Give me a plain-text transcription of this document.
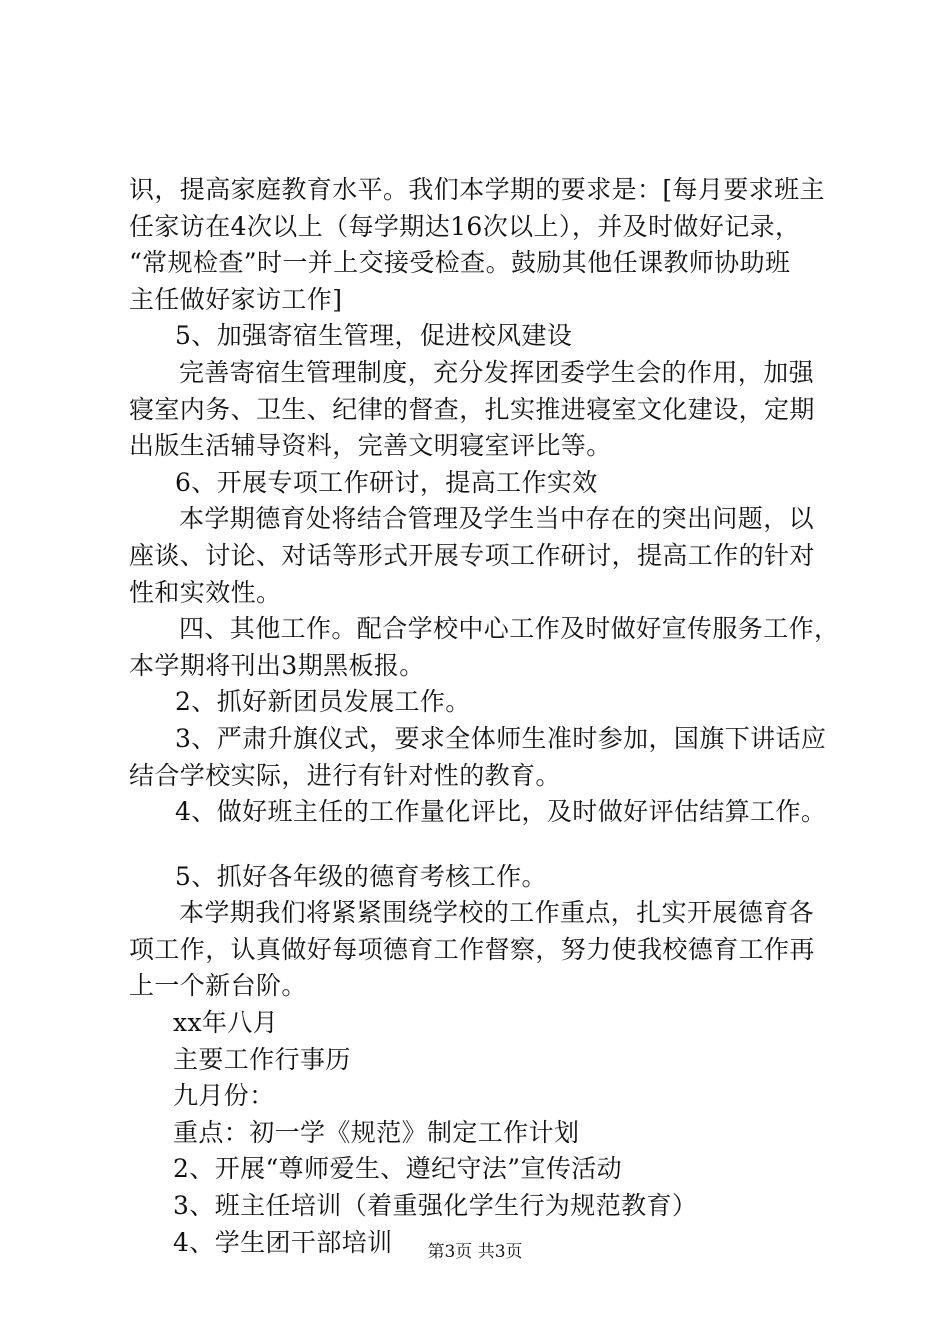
识，提高家庭教育水平。我们本学期的要求是：[每月要求班主
任家访在4次以上（每学期达16次以上），并及时做好记录，
“常规检查”时一并上交接受检查。鼓励其他任课教师协助班
主任做好家访工作]
5、加强寄宿生管理，促进校风建设
完善寄宿生管理制度，充分发挥团委学生会的作用，加强
寝室内务、卫生、纪律的督查，扎实推进寝室文化建设，定期
出版生活辅导资料，完善文明寝室评比等。
6、开展专项工作研讨，提高工作实效
本学期德育处将结合管理及学生当中存在的突出问题，以
座谈、讨论、对话等形式开展专项工作研讨，提高工作的针对
性和实效性。
四、其他工作。配合学校中心工作及时做好宣传服务工作，
本学期将刊出3期黑板报。
2、抓好新团员发展工作。
3、严肃升旗仪式，要求全体师生准时参加，国旗下讲话应
结合学校实际，进行有针对性的教育。
4、做好班主任的工作量化评比，及时做好评估结算工作。
5、抓好各年级的德育考核工作。
本学期我们将紧紧围绕学校的工作重点，扎实开展德育各
项工作，认真做好每项德育工作督察，努力使我校德育工作再
上一个新台阶。
xx年八月
主要工作行事历
九月份：
重点：初一学《规范》制定工作计划
2、开展“尊师爱生、遵纪守法”宣传活动
3、班主任培训（着重强化学生行为规范教育）
4、学生团干部培训	第3页 共3页
